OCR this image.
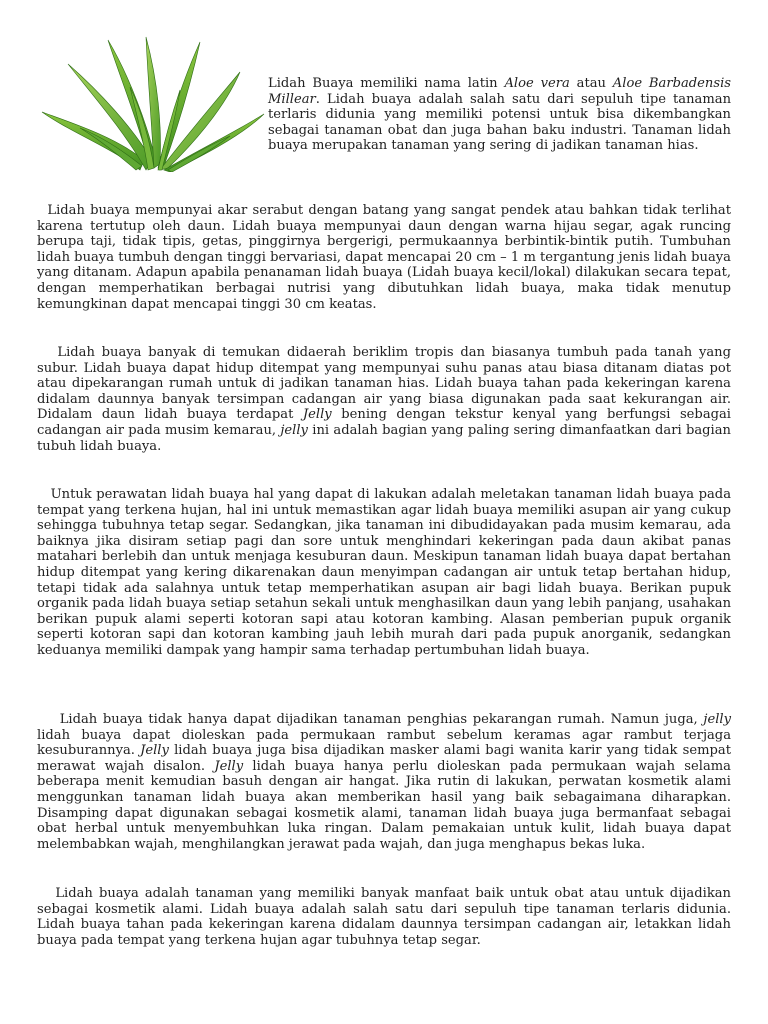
Lidah Buaya memiliki nama latin Aloe vera atau Aloe Barbadensis Millear. Lidah buaya adalah salah satu dari sepuluh tipe tanaman terlaris didunia yang memiliki potensi untuk bisa dikembangkan sebagai tanaman obat dan juga bahan baku industri. Tanaman lidah buaya merupakan tanaman yang sering di jadikan tanaman hias.

Lidah buaya mempunyai akar serabut dengan batang yang sangat pendek atau bahkan tidak terlihat karena tertutup oleh daun. Lidah buaya mempunyai daun dengan warna hijau segar, agak runcing berupa taji, tidak tipis, getas, pinggirnya bergerigi, permukaannya berbintik-bintik putih. Tumbuhan lidah buaya tumbuh dengan tinggi bervariasi, dapat mencapai 20 cm – 1 m tergantung jenis lidah buaya yang ditanam. Adapun apabila penanaman lidah buaya (Lidah buaya kecil/lokal) dilakukan secara tepat, dengan memperhatikan berbagai nutrisi yang dibutuhkan lidah buaya, maka tidak menutup kemungkinan dapat mencapai tinggi 30 cm keatas.

Lidah buaya banyak di temukan didaerah beriklim tropis dan biasanya tumbuh pada tanah yang subur. Lidah buaya dapat hidup ditempat yang mempunyai suhu panas atau biasa ditanam diatas pot atau dipekarangan rumah untuk di jadikan tanaman hias. Lidah buaya tahan pada kekeringan karena didalam daunnya banyak tersimpan cadangan air yang biasa digunakan pada saat kekurangan air. Didalam daun lidah buaya terdapat Jelly bening dengan tekstur kenyal yang berfungsi sebagai cadangan air pada musim kemarau, jelly ini adalah bagian yang paling sering dimanfaatkan dari bagian tubuh lidah buaya.

Untuk perawatan lidah buaya hal yang dapat di lakukan adalah meletakan tanaman lidah buaya pada tempat yang terkena hujan, hal ini untuk memastikan agar lidah buaya memiliki asupan air yang cukup sehingga tubuhnya tetap segar. Sedangkan, jika tanaman ini dibudidayakan pada musim kemarau, ada baiknya jika disiram setiap pagi dan sore untuk menghindari kekeringan pada daun akibat panas matahari berlebih dan untuk menjaga kesuburan daun. Meskipun tanaman lidah buaya dapat bertahan hidup ditempat yang kering dikarenakan daun menyimpan cadangan air untuk tetap bertahan hidup, tetapi tidak ada salahnya untuk tetap memperhatikan asupan air bagi lidah buaya. Berikan pupuk organik pada lidah buaya setiap setahun sekali untuk menghasilkan daun yang lebih panjang, usahakan berikan pupuk alami seperti kotoran sapi atau kotoran kambing. Alasan pemberian pupuk organik seperti kotoran sapi dan kotoran kambing jauh lebih murah dari pada pupuk anorganik, sedangkan keduanya memiliki dampak yang hampir sama terhadap pertumbuhan lidah buaya.

Lidah buaya tidak hanya dapat dijadikan tanaman penghias pekarangan rumah. Namun juga, jelly lidah buaya dapat dioleskan pada permukaan rambut sebelum keramas agar rambut terjaga kesuburannya. Jelly lidah buaya juga bisa dijadikan masker alami bagi wanita karir yang tidak sempat merawat wajah disalon. Jelly lidah buaya hanya perlu dioleskan pada permukaan wajah selama beberapa menit kemudian basuh dengan air hangat. Jika rutin di lakukan, perwatan kosmetik alami menggunkan tanaman lidah buaya akan memberikan hasil yang baik sebagaimana diharapkan. Disamping dapat digunakan sebagai kosmetik alami, tanaman lidah buaya juga bermanfaat sebagai obat herbal untuk menyembuhkan luka ringan. Dalam pemakaian untuk kulit, lidah buaya dapat melembabkan wajah, menghilangkan jerawat pada wajah, dan juga menghapus bekas luka.

Lidah buaya adalah tanaman yang memiliki banyak manfaat baik untuk obat atau untuk dijadikan sebagai kosmetik alami. Lidah buaya adalah salah satu dari sepuluh tipe tanaman terlaris didunia. Lidah buaya tahan pada kekeringan karena didalam daunnya tersimpan cadangan air, letakkan lidah buaya pada tempat yang terkena hujan agar tubuhnya tetap segar.
